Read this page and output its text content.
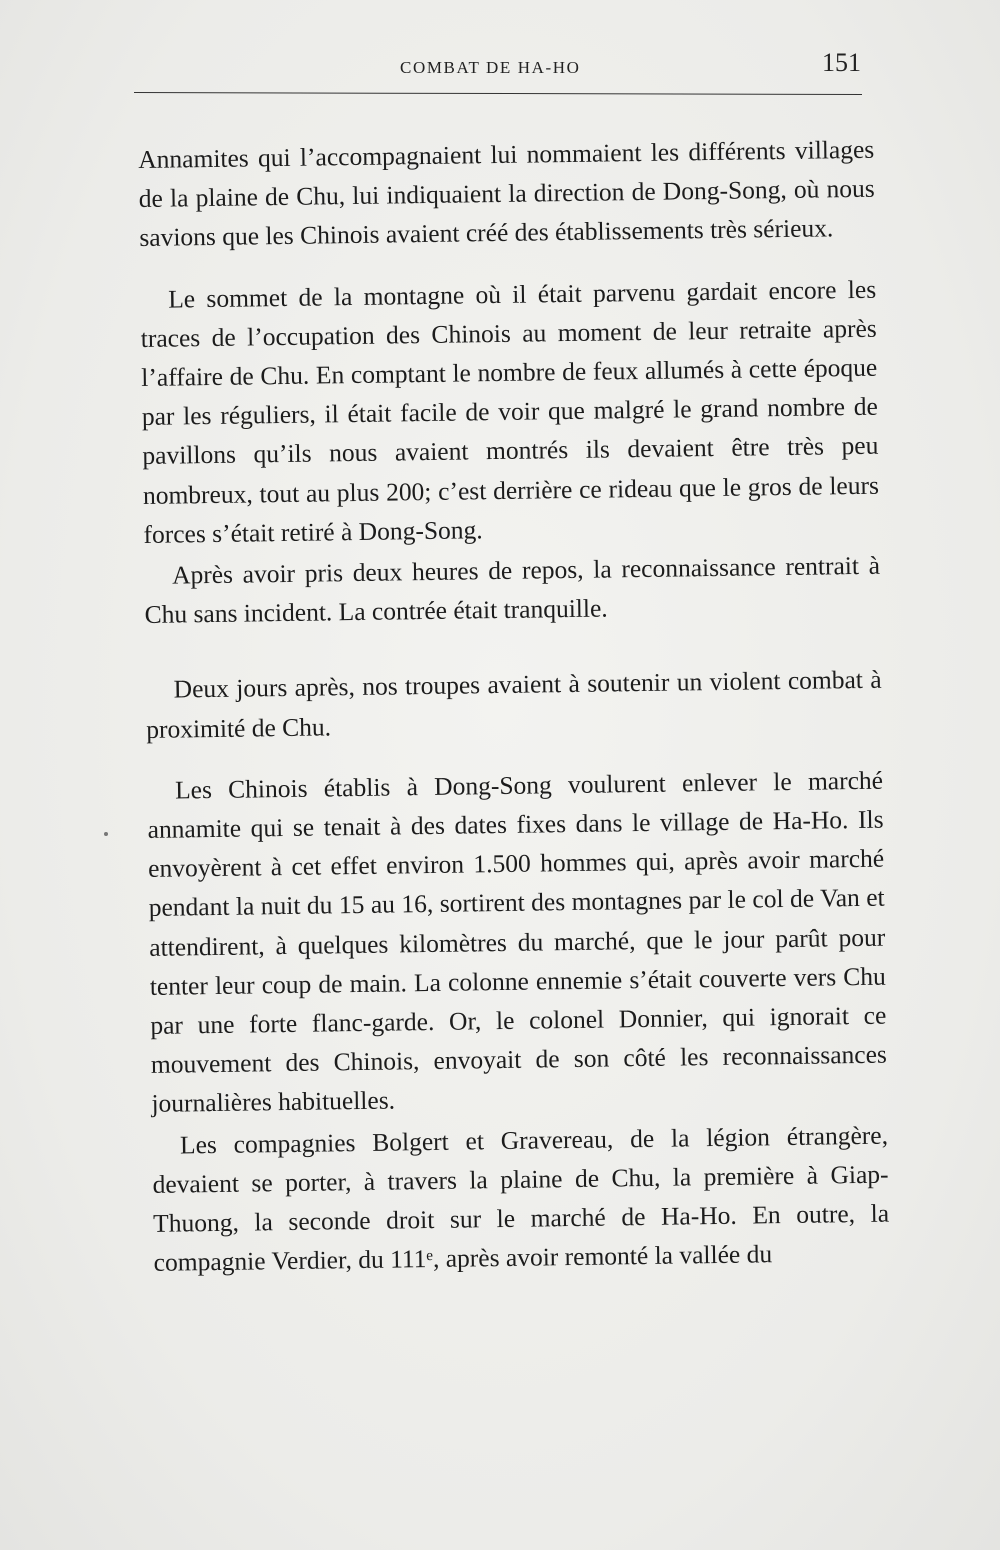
COMBAT DE HA-HO	151

Annamites qui l’accompagnaient lui nommaient les différents villages de la plaine de Chu, lui indiquaient la direction de Dong-Song, où nous savions que les Chinois avaient créé des établissements très sérieux.

Le sommet de la montagne où il était parvenu gardait encore les traces de l’occupation des Chinois au moment de leur retraite après l’affaire de Chu. En comptant le nombre de feux allumés à cette époque par les réguliers, il était facile de voir que malgré le grand nombre de pavillons qu’ils nous avaient montrés ils devaient être très peu nombreux, tout au plus 200; c’est derrière ce rideau que le gros de leurs forces s’était retiré à Dong-Song.

Après avoir pris deux heures de repos, la reconnaissance rentrait à Chu sans incident. La contrée était tranquille.

Deux jours après, nos troupes avaient à soutenir un violent combat à proximité de Chu.

Les Chinois établis à Dong-Song voulurent enlever le marché annamite qui se tenait à des dates fixes dans le village de Ha-Ho. Ils envoyèrent à cet effet environ 1.500 hommes qui, après avoir marché pendant la nuit du 15 au 16, sortirent des montagnes par le col de Van et attendirent, à quelques kilomètres du marché, que le jour parût pour tenter leur coup de main. La colonne ennemie s’était couverte vers Chu par une forte flanc-garde. Or, le colonel Donnier, qui ignorait ce mouvement des Chinois, envoyait de son côté les reconnaissances journalières habituelles.

Les compagnies Bolgert et Gravereau, de la légion étrangère, devaient se porter, à travers la plaine de Chu, la première à Giap-Thuong, la seconde droit sur le marché de Ha-Ho. En outre, la compagnie Verdier, du 111ᵉ, après avoir remonté la vallée du
